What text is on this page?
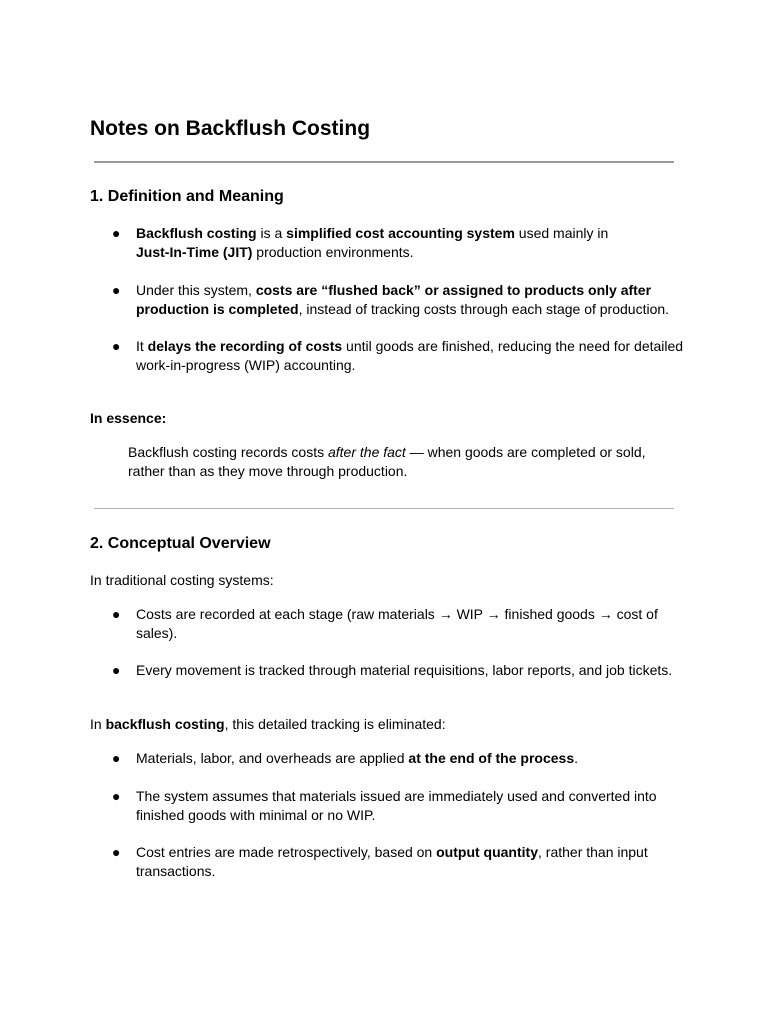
Notes on Backflush Costing
1. Definition and Meaning
● Backflush costing is a simplified cost accounting system used mainly in
Just-In-Time (JIT) production environments.
● Under this system, costs are “flushed back” or assigned to products only after
production is completed, instead of tracking costs through each stage of production.
● It delays the recording of costs until goods are finished, reducing the need for detailed
work-in-progress (WIP) accounting.
In essence:
Backflush costing records costs after the fact — when goods are completed or sold,
rather than as they move through production.
2. Conceptual Overview
In traditional costing systems:
● Costs are recorded at each stage (raw materials → WIP → finished goods → cost of
sales).
● Every movement is tracked through material requisitions, labor reports, and job tickets.
In backflush costing, this detailed tracking is eliminated:
● Materials, labor, and overheads are applied at the end of the process.
● The system assumes that materials issued are immediately used and converted into
finished goods with minimal or no WIP.
● Cost entries are made retrospectively, based on output quantity, rather than input
transactions.
